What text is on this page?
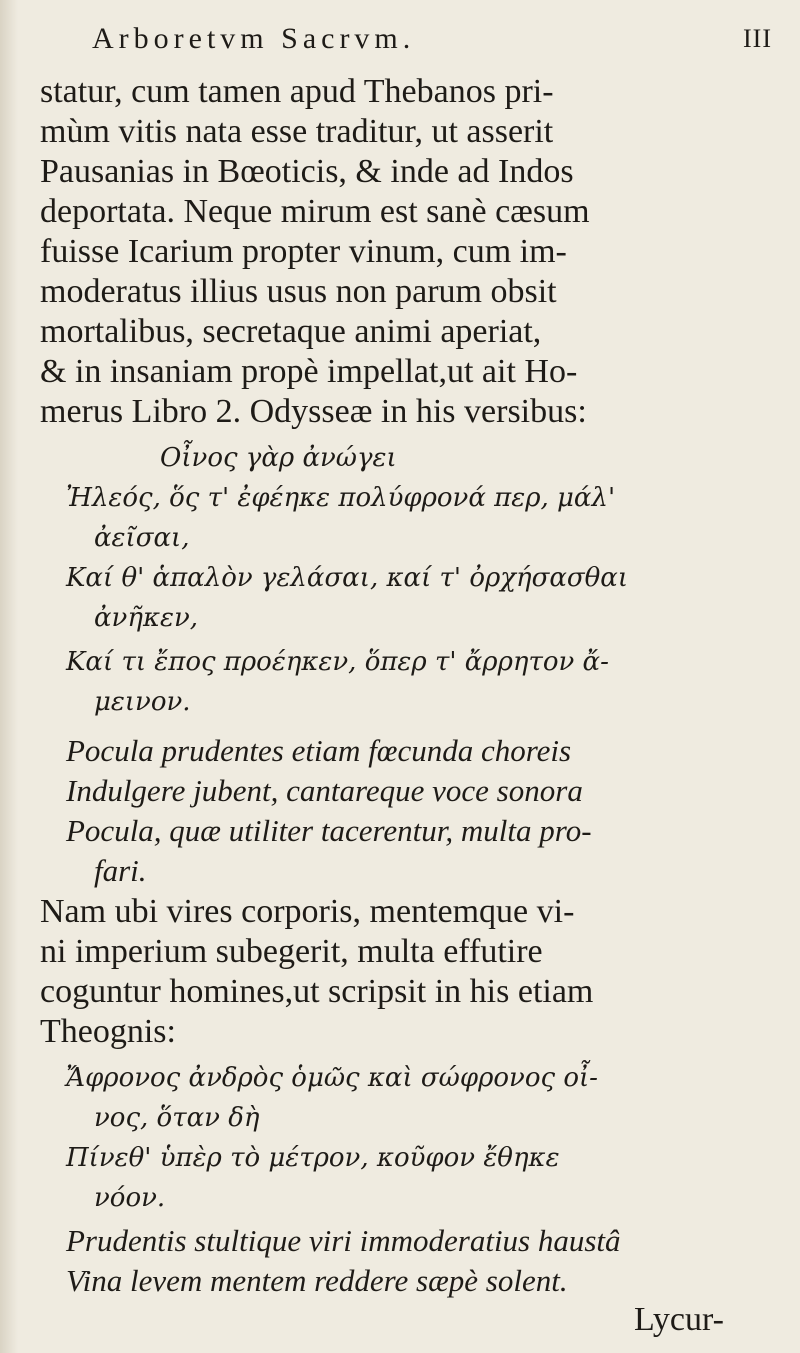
Arboretvm Sacrvm.	III
statur, cum tamen apud Thebanos pri-
mùm vitis nata esse traditur, ut asserit
Pausanias in Bœoticis, & inde ad Indos
deportata. Neque mirum est sanè cæsum
fuisse Icarium propter vinum, cum im-
moderatus illius usus non parum obsit
mortalibus, secretaque animi aperiat,
& in insaniam propè impellat,ut ait Ho-
merus Libro 2. Odysseæ in his versibus:
Οἶνος γὰρ ἀνώγει
Ἠλεός, ὅς τ' ἐφέηκε πολύφρονά περ, μάλ'
ἀεῖσαι,
Καί θ' ἁπαλὸν γελάσαι, καί τ' ὀρχήσασθαι
ἀνῆκεν,
Καί τι ἔπος προέηκεν, ὅπερ τ' ἄρρητον ἄ-
μεινον.
Pocula prudentes etiam fœcunda choreis
Indulgere jubent, cantareque voce sonora
Pocula, quæ utiliter tacerentur, multa pro-
fari.
Nam ubi vires corporis, mentemque vi-
ni imperium subegerit, multa effutire
coguntur homines,ut scripsit in his etiam
Theognis:
Ἄφρονος ἀνδρὸς ὁμῶς καὶ σώφρονος οἶ-
νος, ὅταν δὴ
Πίνεθ' ὑπὲρ τὸ μέτρον, κοῦφον ἔθηκε
νόον.
Prudentis stultique viri immoderatius haustâ
Vina levem mentem reddere sæpè solent.
Lycur-
